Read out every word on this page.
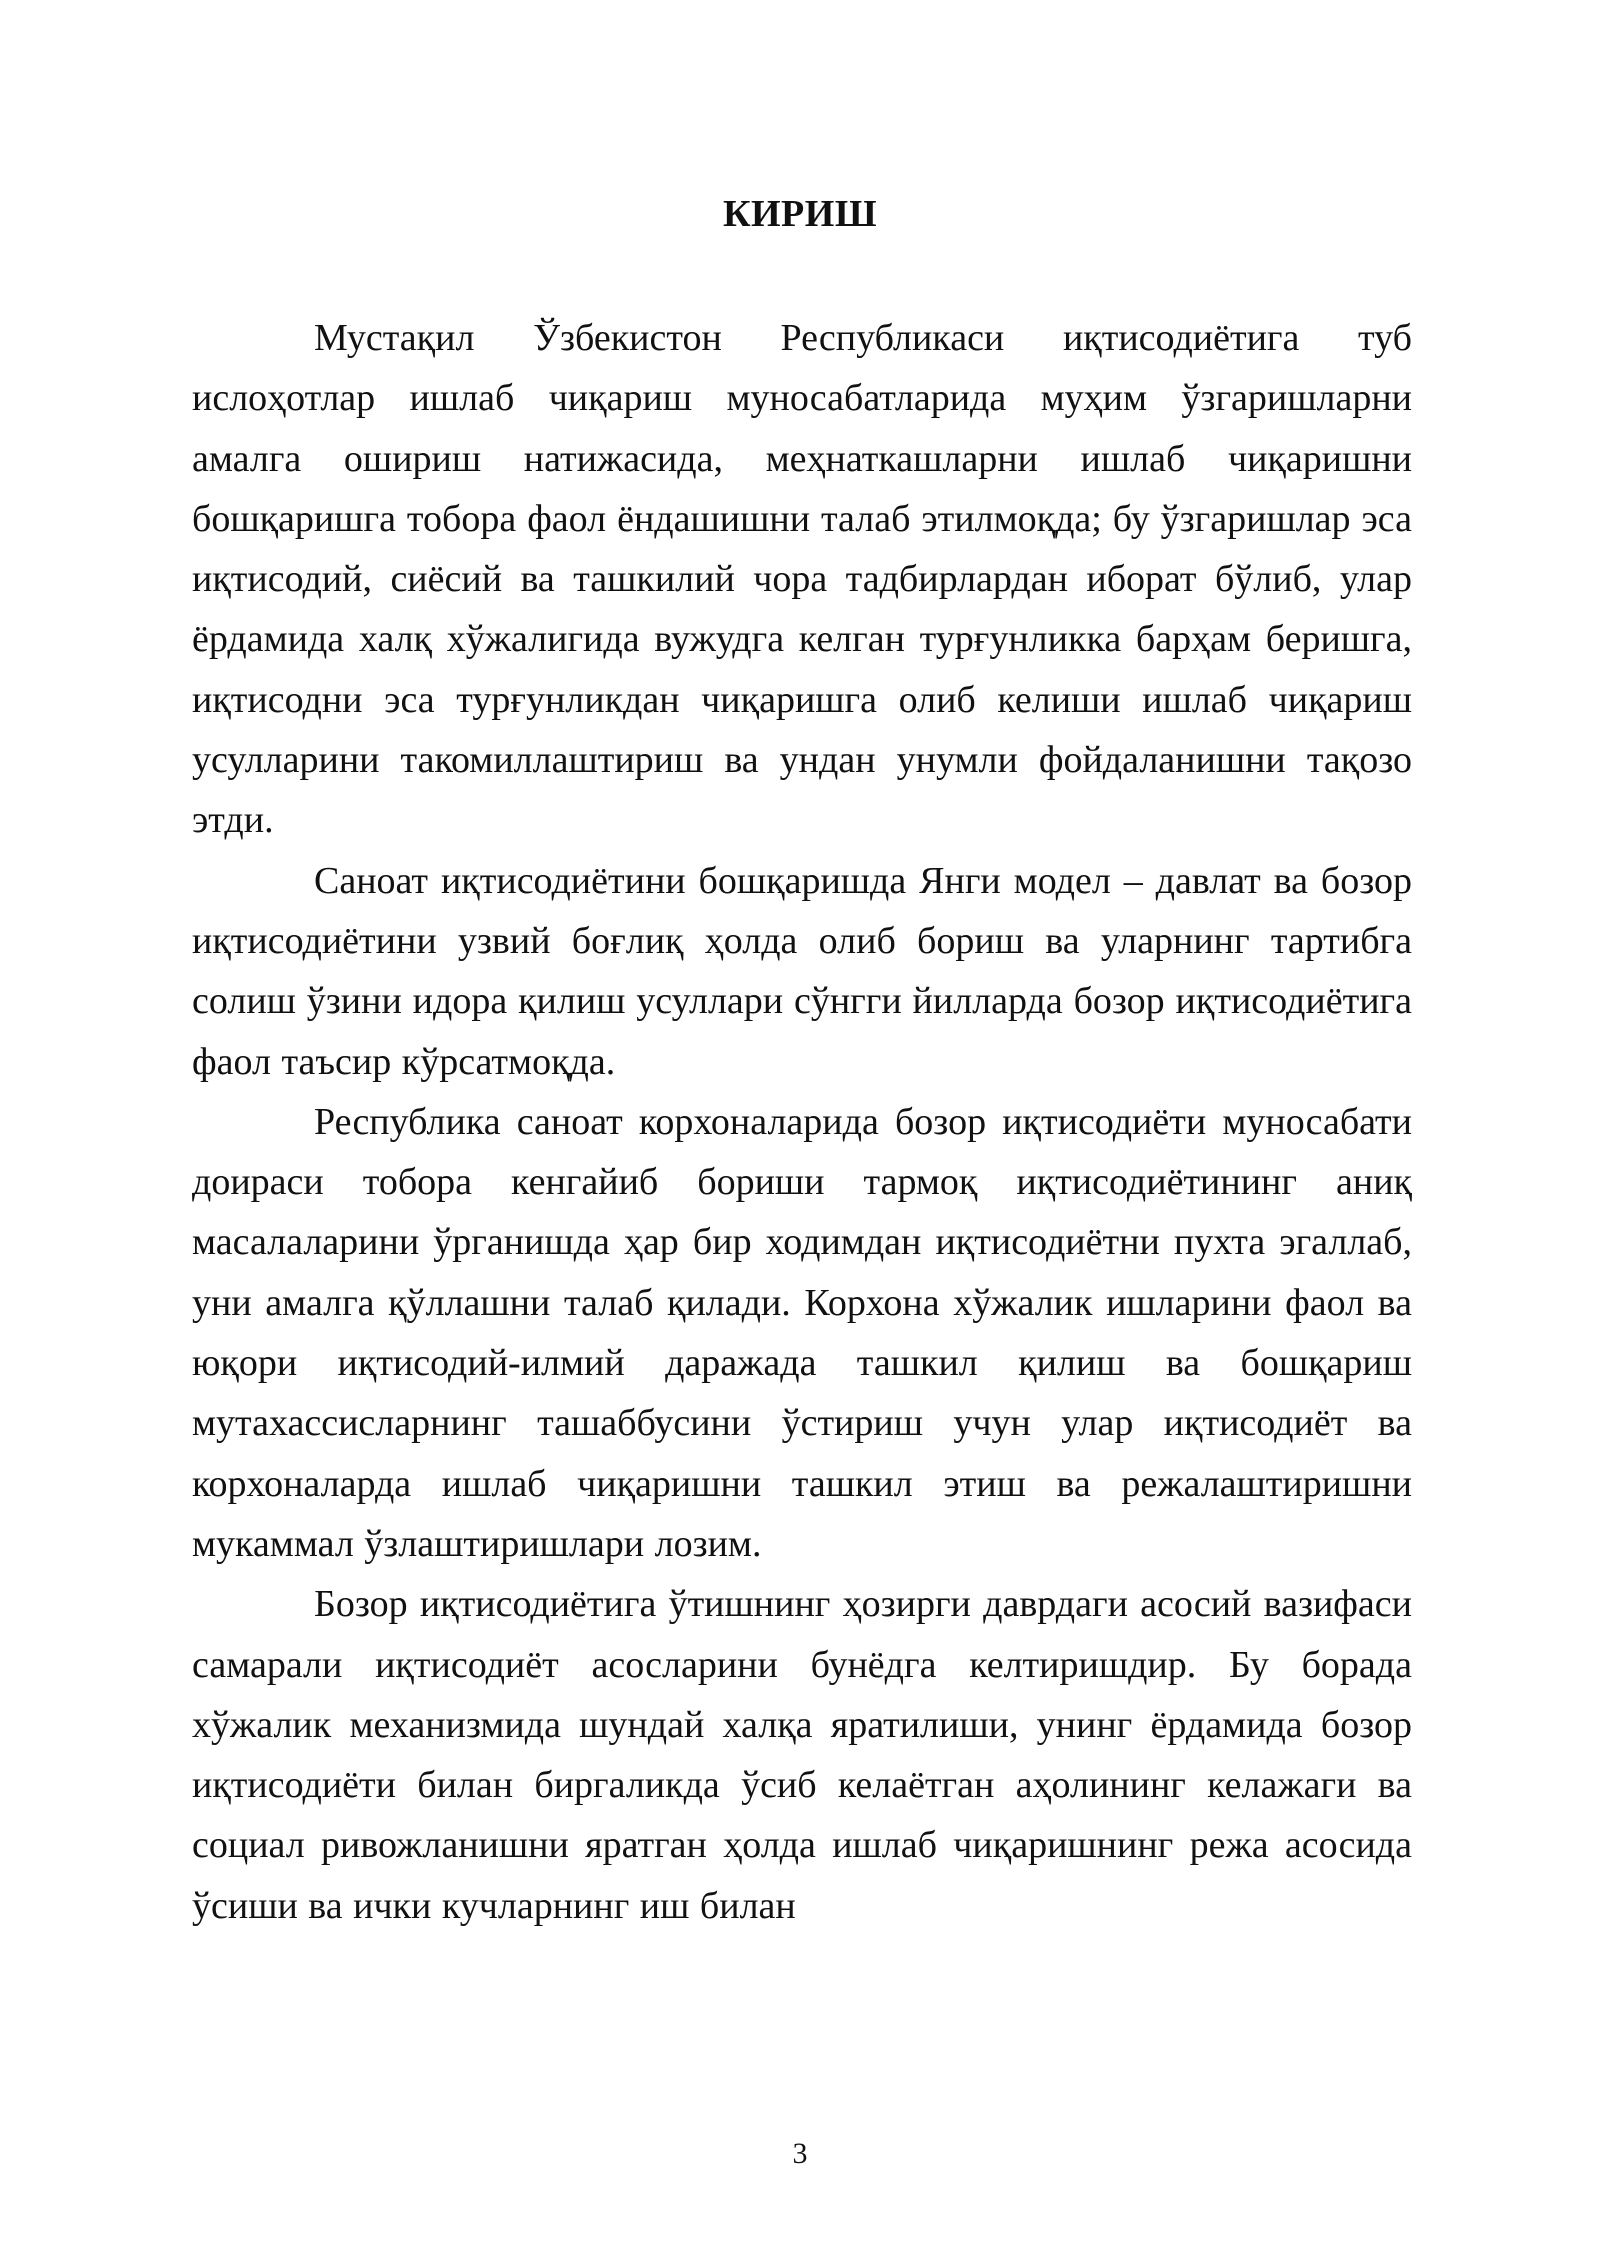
КИРИШ

Мустақил Ўзбекистон Республикаси иқтисодиётига туб ислоҳотлар ишлаб чиқариш муносабатларида муҳим ўзгаришларни амалга ошириш натижасида, меҳнаткашларни ишлаб чиқаришни бошқаришга тобора фаол ёндашишни талаб этилмоқда; бу ўзгаришлар эса иқтисодий, сиёсий ва ташкилий чора тадбирлардан иборат бўлиб, улар ёрдамида халқ хўжалигида вужудга келган турғунликка барҳам беришга, иқтисодни эса турғунликдан чиқаришга олиб келиши ишлаб чиқариш усулларини такомиллаштириш ва ундан унумли фойдаланишни тақозо этди.

Саноат иқтисодиётини бошқаришда Янги модел – давлат ва бозор иқтисодиётини узвий боғлиқ ҳолда олиб бориш ва уларнинг тартибга солиш ўзини идора қилиш усуллари сўнгги йилларда бозор иқтисодиётига фаол таъсир кўрсатмоқда.

Республика саноат корхоналарида бозор иқтисодиёти муносабати доираси тобора кенгайиб бориши тармоқ иқтисодиётининг аниқ масалаларини ўрганишда ҳар бир ходимдан иқтисодиётни пухта эгаллаб, уни амалга қўллашни талаб қилади. Корхона хўжалик ишларини фаол ва юқори иқтисодий-илмий даражада ташкил қилиш ва бошқариш мутахассисларнинг ташаббусини ўстириш учун улар иқтисодиёт ва корхоналарда ишлаб чиқаришни ташкил этиш ва режалаштиришни мукаммал ўзлаштиришлари лозим.

Бозор иқтисодиётига ўтишнинг ҳозирги даврдаги асосий вазифаси самарали иқтисодиёт асосларини бунёдга келтиришдир. Бу борада хўжалик механизмида шундай халқа яратилиши, унинг ёрдамида бозор иқтисодиёти билан биргаликда ўсиб келаётган аҳолининг келажаги ва социал ривожланишни яратган ҳолда ишлаб чиқаришнинг режа асосида ўсиши ва ички кучларнинг иш билан

3
